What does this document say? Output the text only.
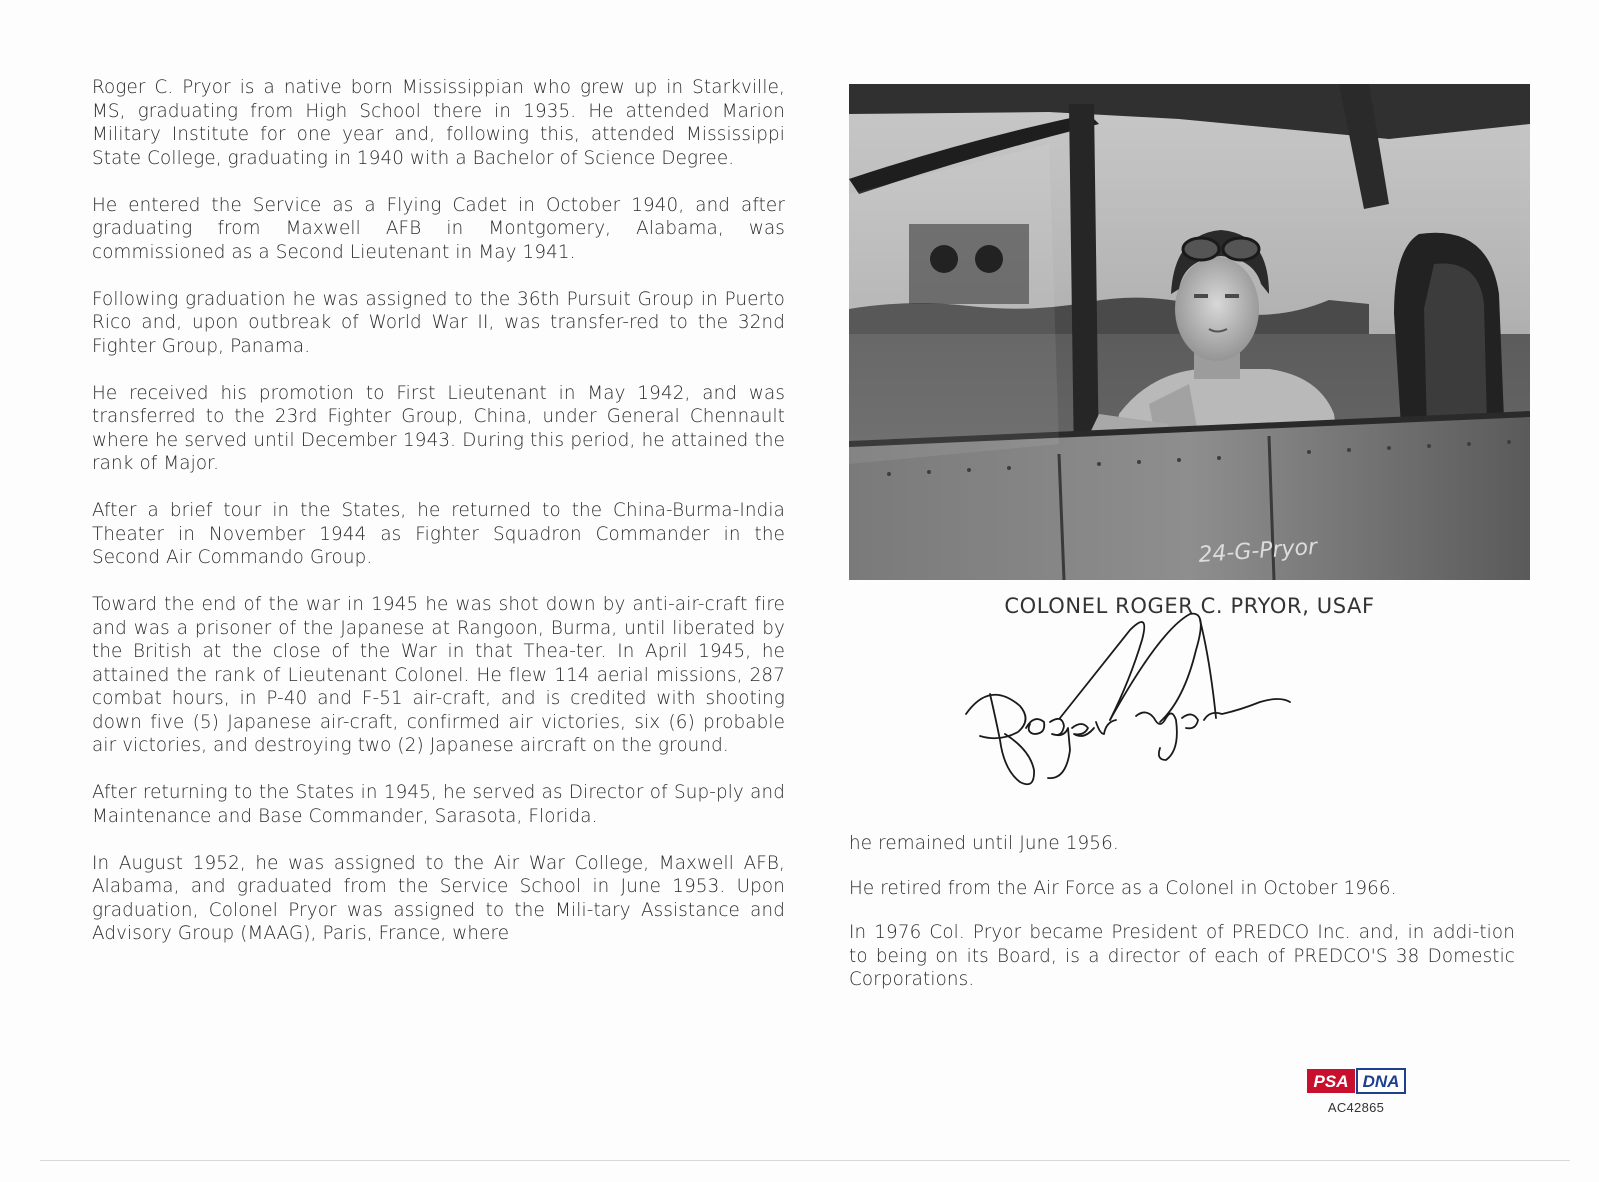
Roger C. Pryor is a native born Mississippian who grew up in Starkville, MS, graduating from High School there in 1935. He attended Marion Military Institute for one year and, following this, attended Mississippi State College, graduating in 1940 with a Bachelor of Science Degree.

He entered the Service as a Flying Cadet in October 1940, and after graduating from Maxwell AFB in Montgomery, Alabama, was commissioned as a Second Lieutenant in May 1941.

Following graduation he was assigned to the 36th Pursuit Group in Puerto Rico and, upon outbreak of World War II, was transfer-red to the 32nd Fighter Group, Panama.

He received his promotion to First Lieutenant in May 1942, and was transferred to the 23rd Fighter Group, China, under General Chennault where he served until December 1943. During this period, he attained the rank of Major.

After a brief tour in the States, he returned to the China-Burma-India Theater in November 1944 as Fighter Squadron Commander in the Second Air Commando Group.

Toward the end of the war in 1945 he was shot down by anti-air-craft fire and was a prisoner of the Japanese at Rangoon, Burma, until liberated by the British at the close of the War in that Thea-ter. In April 1945, he attained the rank of Lieutenant Colonel. He flew 114 aerial missions, 287 combat hours, in P-40 and F-51 air-craft, and is credited with shooting down five (5) Japanese air-craft, confirmed air victories, six (6) probable air victories, and destroying two (2) Japanese aircraft on the ground.

After returning to the States in 1945, he served as Director of Sup-ply and Maintenance and Base Commander, Sarasota, Florida.

In August 1952, he was assigned to the Air War College, Maxwell AFB, Alabama, and graduated from the Service School in June 1953. Upon graduation, Colonel Pryor was assigned to the Mili-tary Assistance and Advisory Group (MAAG), Paris, France, where

24-G-Pryor
COLONEL ROGER C. PRYOR, USAF

he remained until June 1956.

He retired from the Air Force as a Colonel in October 1966.

In 1976 Col. Pryor became President of PREDCO Inc. and, in addi-tion to being on its Board, is a director of each of PREDCO'S 38 Domestic Corporations.

PSA DNA
AC42865
